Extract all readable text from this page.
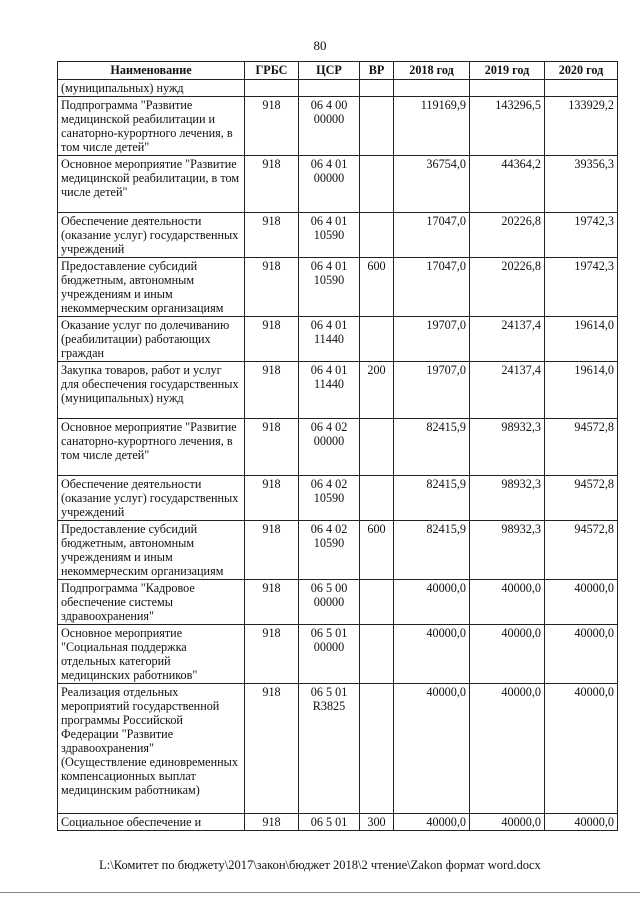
80
Наименование	ГРБС	ЦСР	ВР	2018 год	2019 год	2020 год
(муниципальных) нужд						
Подпрограмма "Развитие медицинской реабилитации и санаторно-курортного лечения, в том числе детей"	918	06 4 00 00000		119169,9	143296,5	133929,2
Основное мероприятие "Развитие медицинской реабилитации, в том числе детей"	918	06 4 01 00000		36754,0	44364,2	39356,3
Обеспечение деятельности (оказание услуг) государственных учреждений	918	06 4 01 10590		17047,0	20226,8	19742,3
Предоставление субсидий бюджетным, автономным учреждениям и иным некоммерческим организациям	918	06 4 01 10590	600	17047,0	20226,8	19742,3
Оказание услуг по долечиванию (реабилитации) работающих граждан	918	06 4 01 11440		19707,0	24137,4	19614,0
Закупка товаров, работ и услуг для обеспечения государственных (муниципальных) нужд	918	06 4 01 11440	200	19707,0	24137,4	19614,0
Основное мероприятие "Развитие санаторно-курортного лечения, в том числе детей"	918	06 4 02 00000		82415,9	98932,3	94572,8
Обеспечение деятельности (оказание услуг) государственных учреждений	918	06 4 02 10590		82415,9	98932,3	94572,8
Предоставление субсидий бюджетным, автономным учреждениям и иным некоммерческим организациям	918	06 4 02 10590	600	82415,9	98932,3	94572,8
Подпрограмма "Кадровое обеспечение системы здравоохранения"	918	06 5 00 00000		40000,0	40000,0	40000,0
Основное мероприятие "Социальная поддержка отдельных категорий медицинских работников"	918	06 5 01 00000		40000,0	40000,0	40000,0
Реализация отдельных мероприятий государственной программы Российской Федерации "Развитие здравоохранения" (Осуществление единовременных компенсационных выплат медицинским работникам)	918	06 5 01 R3825		40000,0	40000,0	40000,0
Социальное обеспечение и	918	06 5 01	300	40000,0	40000,0	40000,0
L:\Комитет по бюджету\2017\закон\бюджет 2018\2 чтение\Zakon формат word.docx
